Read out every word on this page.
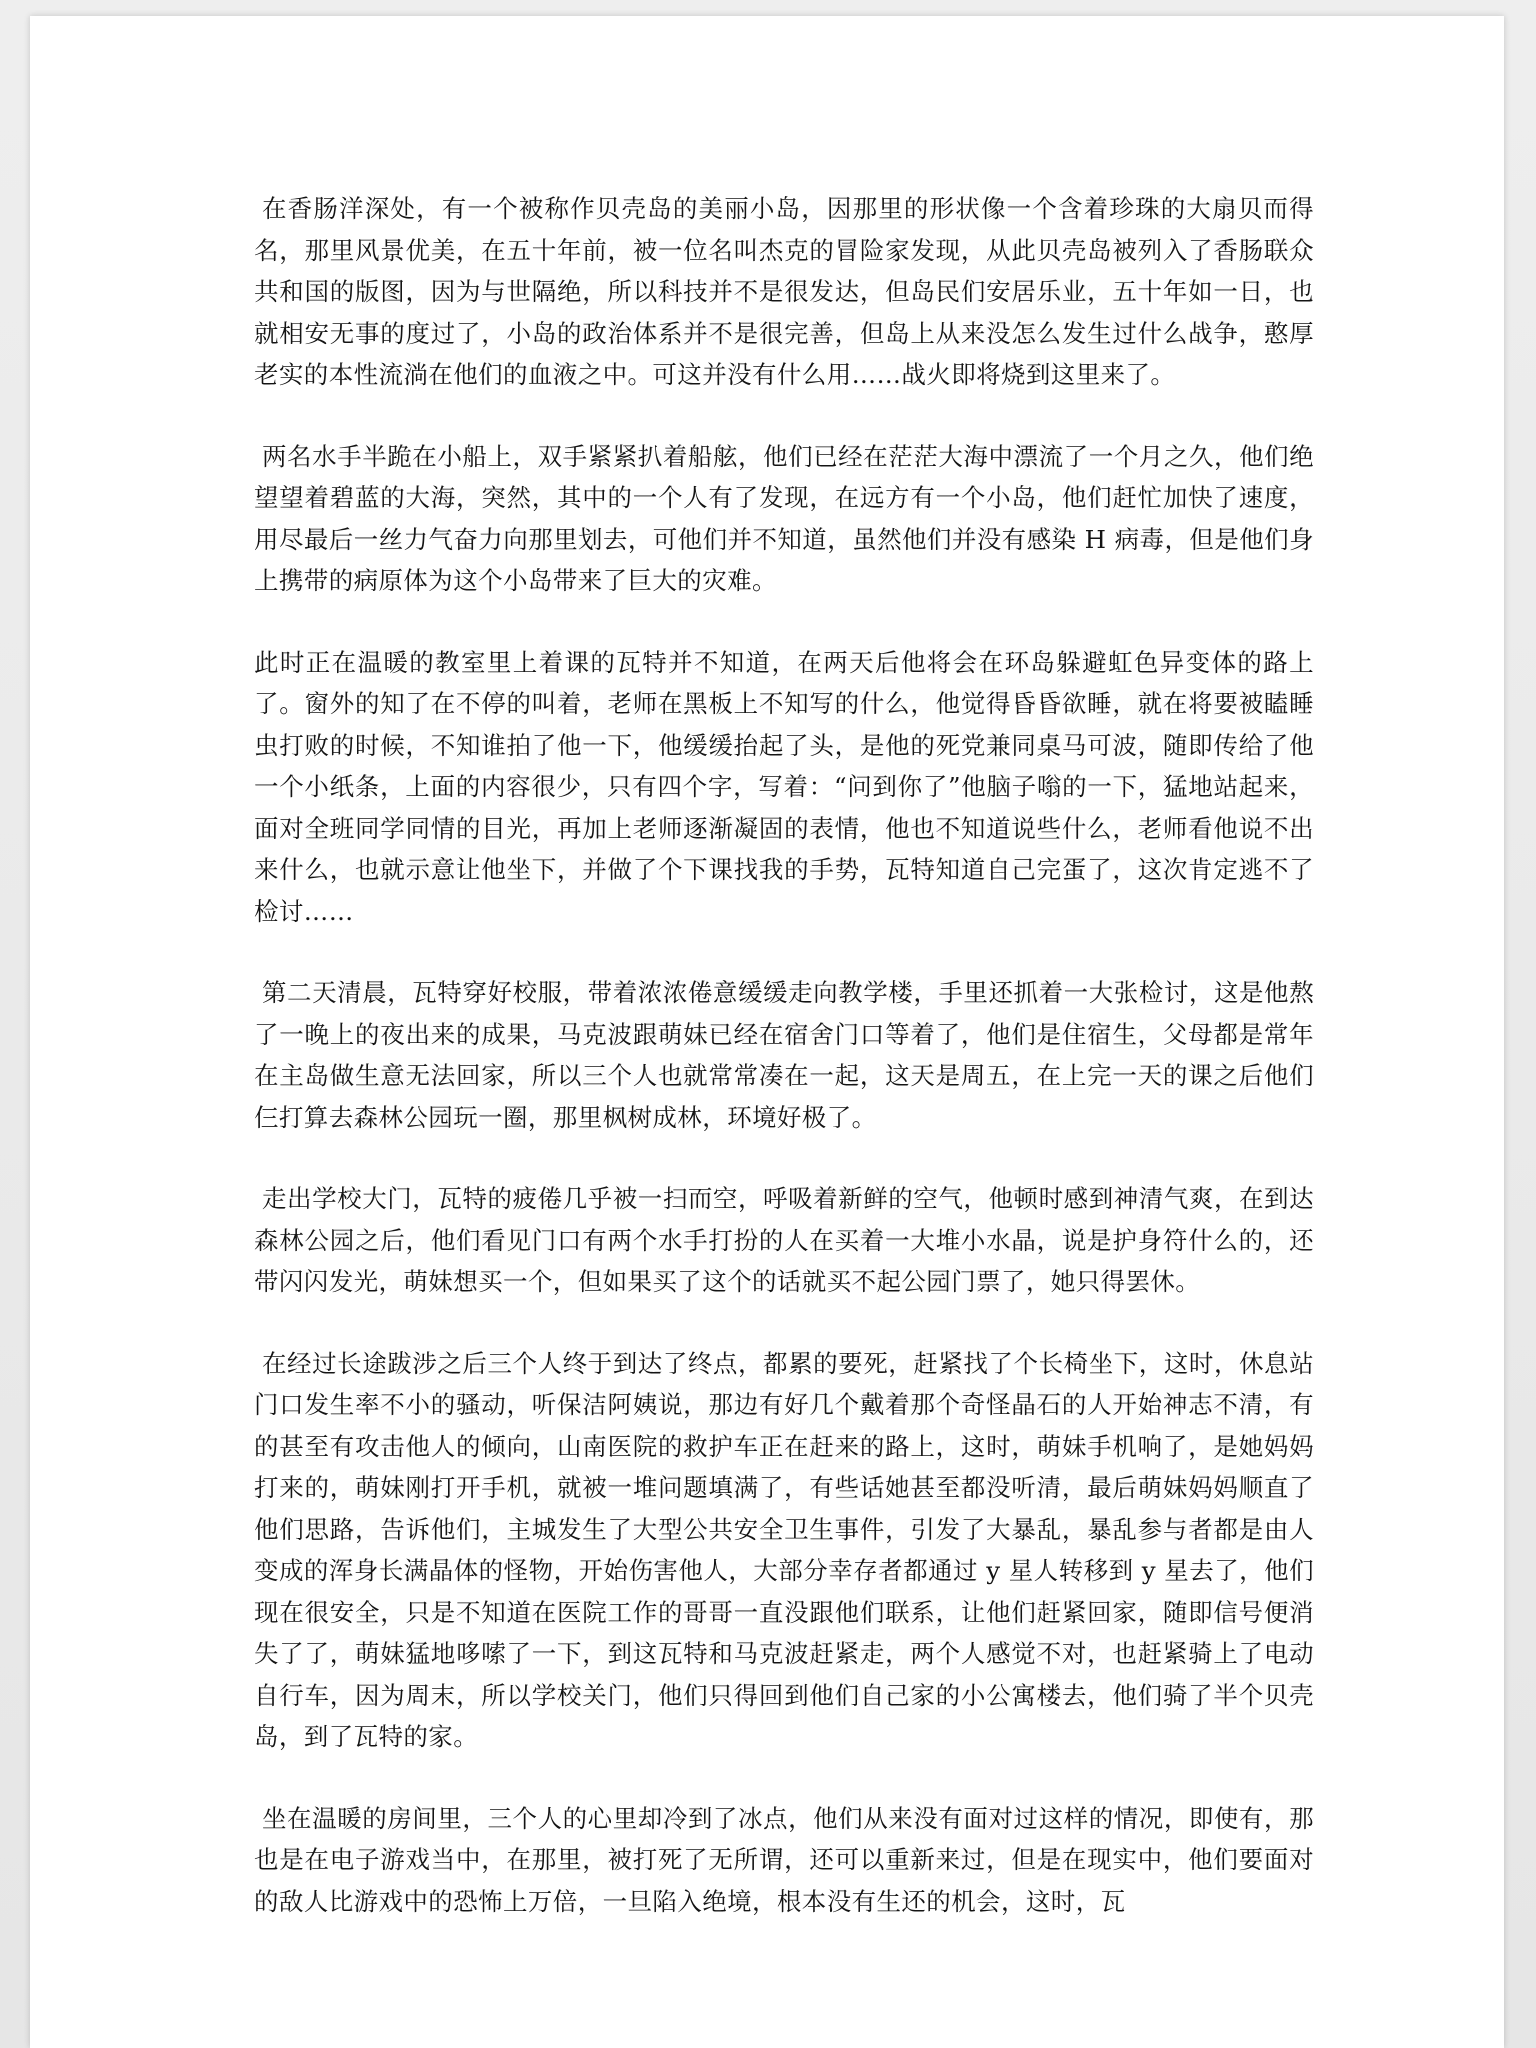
在香肠洋深处，有一个被称作贝壳岛的美丽小岛，因那里的形状像一个含着珍珠的大扇贝而得名，那里风景优美，在五十年前，被一位名叫杰克的冒险家发现，从此贝壳岛被列入了香肠联众共和国的版图，因为与世隔绝，所以科技并不是很发达，但岛民们安居乐业，五十年如一日，也就相安无事的度过了，小岛的政治体系并不是很完善，但岛上从来没怎么发生过什么战争，憨厚老实的本性流淌在他们的血液之中。可这并没有什么用……战火即将烧到这里来了。

两名水手半跪在小船上，双手紧紧扒着船舷，他们已经在茫茫大海中漂流了一个月之久，他们绝望望着碧蓝的大海，突然，其中的一个人有了发现，在远方有一个小岛，他们赶忙加快了速度，用尽最后一丝力气奋力向那里划去，可他们并不知道，虽然他们并没有感染 H 病毒，但是他们身上携带的病原体为这个小岛带来了巨大的灾难。

此时正在温暖的教室里上着课的瓦特并不知道，在两天后他将会在环岛躲避虹色异变体的路上了。窗外的知了在不停的叫着，老师在黑板上不知写的什么，他觉得昏昏欲睡，就在将要被瞌睡虫打败的时候，不知谁拍了他一下，他缓缓抬起了头，是他的死党兼同桌马可波，随即传给了他一个小纸条，上面的内容很少，只有四个字，写着：“问到你了”他脑子嗡的一下，猛地站起来，面对全班同学同情的目光，再加上老师逐渐凝固的表情，他也不知道说些什么，老师看他说不出来什么，也就示意让他坐下，并做了个下课找我的手势，瓦特知道自己完蛋了，这次肯定逃不了检讨……

第二天清晨，瓦特穿好校服，带着浓浓倦意缓缓走向教学楼，手里还抓着一大张检讨，这是他熬了一晚上的夜出来的成果，马克波跟萌妹已经在宿舍门口等着了，他们是住宿生，父母都是常年在主岛做生意无法回家，所以三个人也就常常凑在一起，这天是周五，在上完一天的课之后他们仨打算去森林公园玩一圈，那里枫树成林，环境好极了。

走出学校大门，瓦特的疲倦几乎被一扫而空，呼吸着新鲜的空气，他顿时感到神清气爽，在到达森林公园之后，他们看见门口有两个水手打扮的人在买着一大堆小水晶，说是护身符什么的，还带闪闪发光，萌妹想买一个，但如果买了这个的话就买不起公园门票了，她只得罢休。

在经过长途跋涉之后三个人终于到达了终点，都累的要死，赶紧找了个长椅坐下，这时，休息站门口发生率不小的骚动，听保洁阿姨说，那边有好几个戴着那个奇怪晶石的人开始神志不清，有的甚至有攻击他人的倾向，山南医院的救护车正在赶来的路上，这时，萌妹手机响了，是她妈妈打来的，萌妹刚打开手机，就被一堆问题填满了，有些话她甚至都没听清，最后萌妹妈妈顺直了他们思路，告诉他们，主城发生了大型公共安全卫生事件，引发了大暴乱，暴乱参与者都是由人变成的浑身长满晶体的怪物，开始伤害他人，大部分幸存者都通过 y 星人转移到 y 星去了，他们现在很安全，只是不知道在医院工作的哥哥一直没跟他们联系，让他们赶紧回家，随即信号便消失了了，萌妹猛地哆嗦了一下，到这瓦特和马克波赶紧走，两个人感觉不对，也赶紧骑上了电动自行车，因为周末，所以学校关门，他们只得回到他们自己家的小公寓楼去，他们骑了半个贝壳岛，到了瓦特的家。

坐在温暖的房间里，三个人的心里却冷到了冰点，他们从来没有面对过这样的情况，即使有，那也是在电子游戏当中，在那里，被打死了无所谓，还可以重新来过，但是在现实中，他们要面对的敌人比游戏中的恐怖上万倍，一旦陷入绝境，根本没有生还的机会，这时，瓦
